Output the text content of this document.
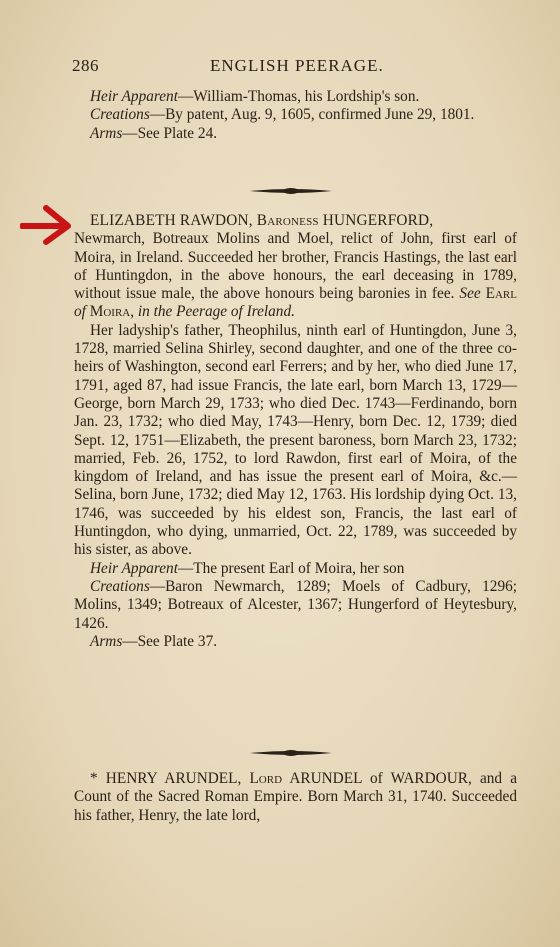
286	ENGLISH PEERAGE.

Heir Apparent—William-Thomas, his Lordship's son.

Creations—By patent, Aug. 9, 1605, confirmed June 29, 1801.

Arms—See Plate 24.

ELIZABETH RAWDON, Baroness HUNGERFORD,

Newmarch, Botreaux Molins and Moel, relict of John, first earl of Moira, in Ireland. Succeeded her brother, Francis Hastings, the last earl of Huntingdon, in the above honours, the earl deceasing in 1789, without issue male, the above honours being baronies in fee. See Earl of Moira, in the Peerage of Ireland.

Her ladyship's father, Theophilus, ninth earl of Huntingdon, June 3, 1728, married Selina Shirley, second daughter, and one of the three co-heirs of Washington, second earl Ferrers; and by her, who died June 17, 1791, aged 87, had issue Francis, the late earl, born March 13, 1729—George, born March 29, 1733; who died Dec. 1743—Ferdinando, born Jan. 23, 1732; who died May, 1743—Henry, born Dec. 12, 1739; died Sept. 12, 1751—Elizabeth, the present baroness, born March 23, 1732; married, Feb. 26, 1752, to lord Rawdon, first earl of Moira, of the kingdom of Ireland, and has issue the present earl of Moira, &c.—Selina, born June, 1732; died May 12, 1763. His lordship dying Oct. 13, 1746, was succeeded by his eldest son, Francis, the last earl of Huntingdon, who dying, unmarried, Oct. 22, 1789, was succeeded by his sister, as above.

Heir Apparent—The present Earl of Moira, her son

Creations—Baron Newmarch, 1289; Moels of Cadbury, 1296; Molins, 1349; Botreaux of Alcester, 1367; Hungerford of Heytesbury, 1426.

Arms—See Plate 37.

* HENRY ARUNDEL, Lord ARUNDEL of WARDOUR, and a Count of the Sacred Roman Empire. Born March 31, 1740. Succeeded his father, Henry, the late lord,
